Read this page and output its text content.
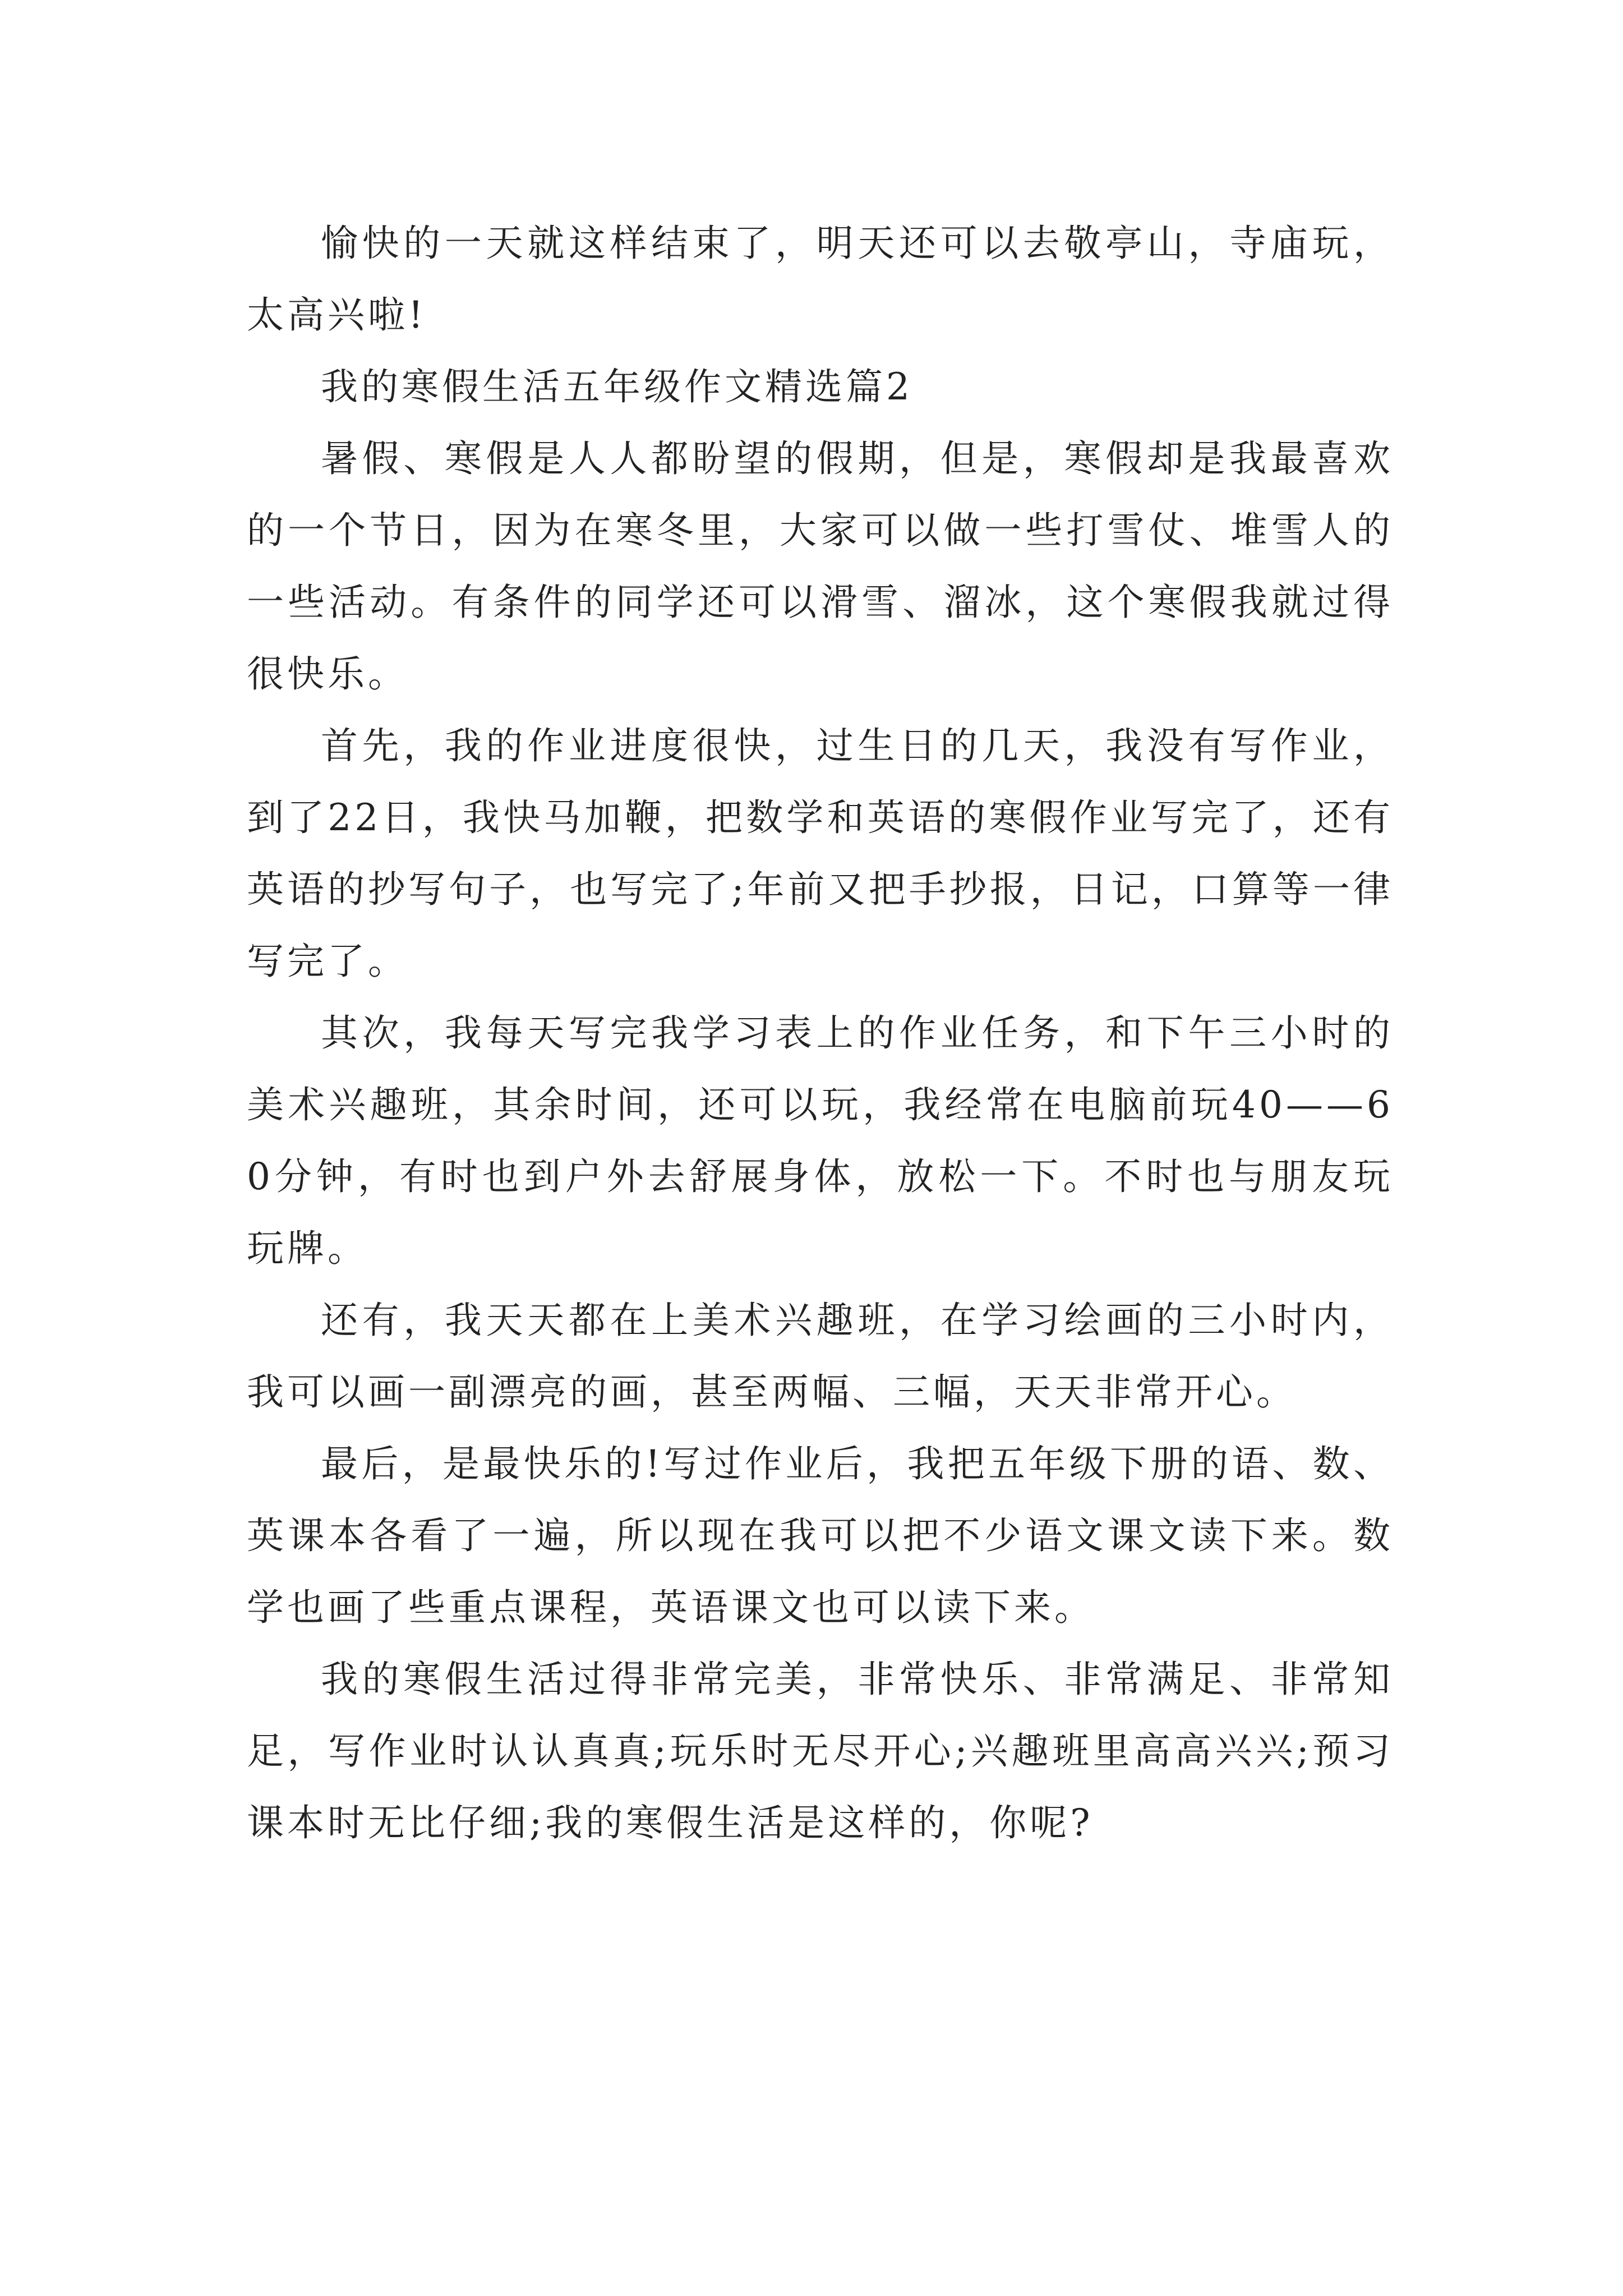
愉快的一天就这样结束了，明天还可以去敬亭山，寺庙玩，太高兴啦!

我的寒假生活五年级作文精选篇2

暑假、寒假是人人都盼望的假期，但是，寒假却是我最喜欢的一个节日，因为在寒冬里，大家可以做一些打雪仗、堆雪人的一些活动。有条件的同学还可以滑雪、溜冰，这个寒假我就过得很快乐。

首先，我的作业进度很快，过生日的几天，我没有写作业，到了22日，我快马加鞭，把数学和英语的寒假作业写完了，还有英语的抄写句子，也写完了;年前又把手抄报，日记，口算等一律写完了。

其次，我每天写完我学习表上的作业任务，和下午三小时的美术兴趣班，其余时间，还可以玩，我经常在电脑前玩40——60分钟，有时也到户外去舒展身体，放松一下。不时也与朋友玩玩牌。

还有，我天天都在上美术兴趣班，在学习绘画的三小时内，我可以画一副漂亮的画，甚至两幅、三幅，天天非常开心。

最后，是最快乐的!写过作业后，我把五年级下册的语、数、英课本各看了一遍，所以现在我可以把不少语文课文读下来。数学也画了些重点课程，英语课文也可以读下来。

我的寒假生活过得非常完美，非常快乐、非常满足、非常知足，写作业时认认真真;玩乐时无尽开心;兴趣班里高高兴兴;预习课本时无比仔细;我的寒假生活是这样的，你呢?
